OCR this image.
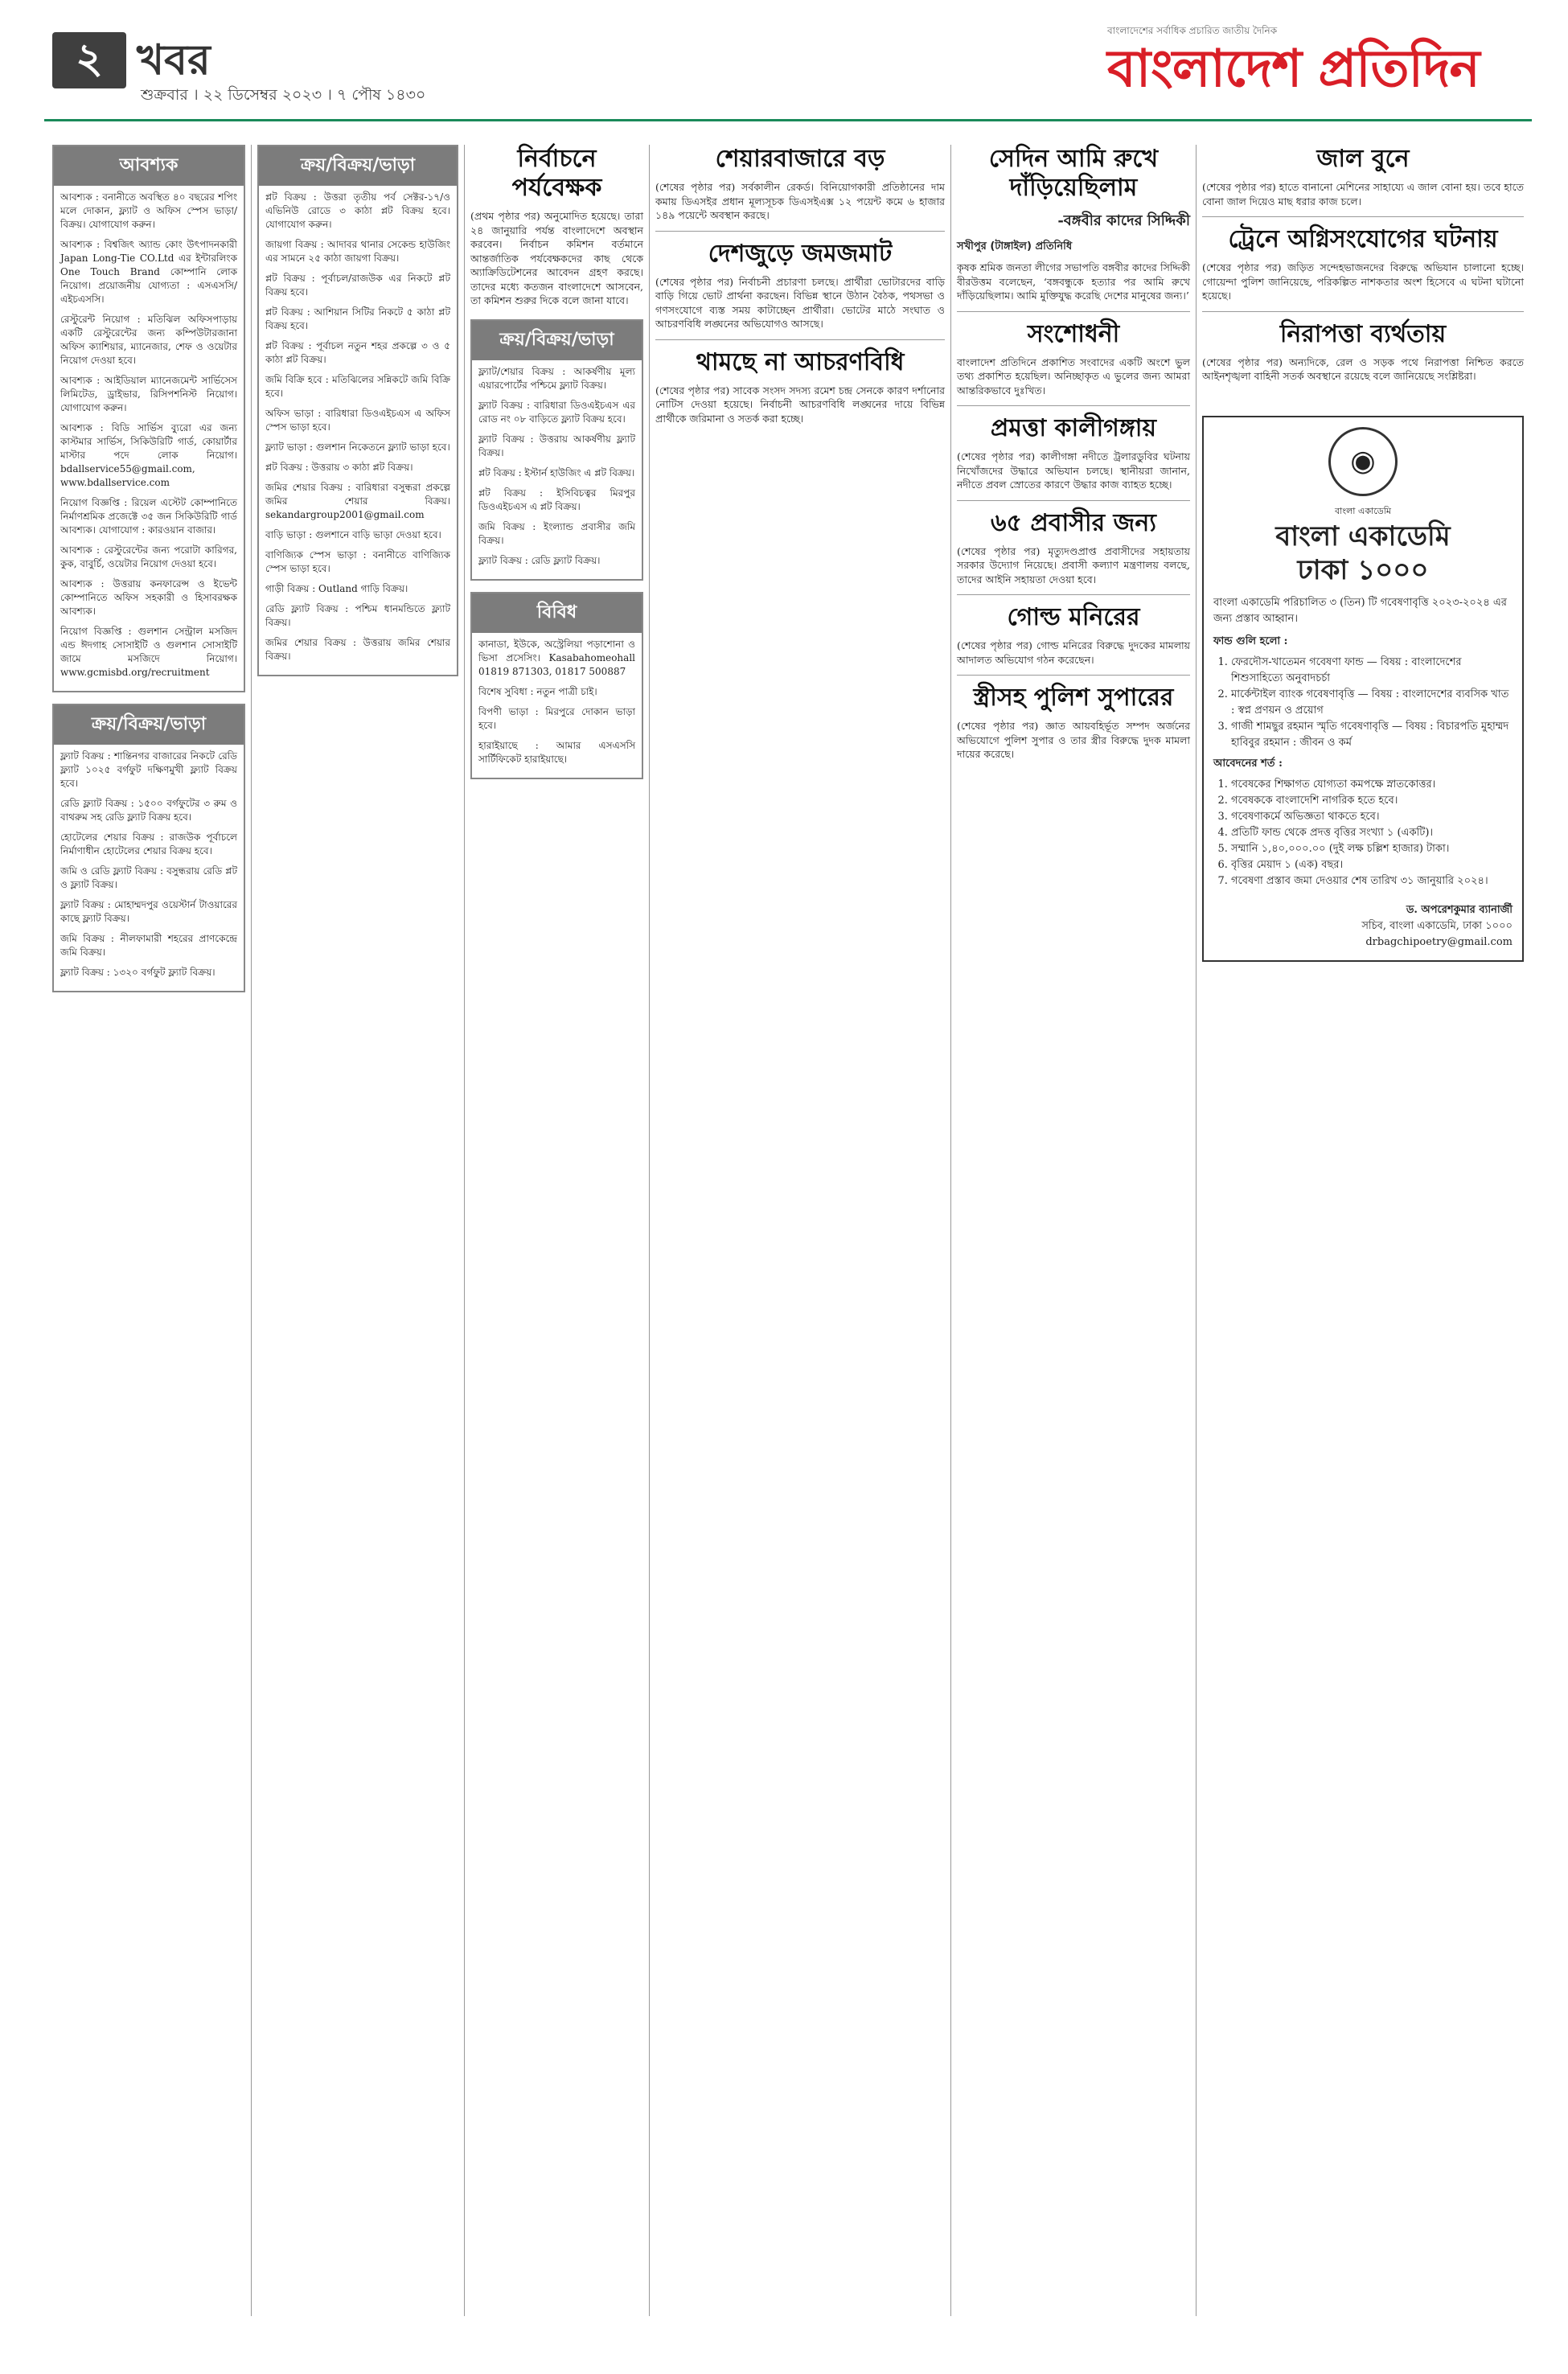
২ খবর
শুক্রবার । ২২ ডিসেম্বর ২০২৩ । ৭ পৌষ ১৪৩০
বাংলাদেশের সর্বাধিক প্রচারিত জাতীয় দৈনিক
বাংলাদেশ প্রতিদিন
আবশ্যক

আবশ্যক : বনানীতে অবস্থিত ৪০ বছরের শপিং মলে দোকান, ফ্ল্যাট ও অফিস স্পেস ভাড়া/বিক্রয়। যোগাযোগ করুন।

আবশ্যক : বিশ্বজিৎ অ্যান্ড কোং উৎপাদনকারী Japan Long-Tie CO.Ltd এর ইন্টারলিংক One Touch Brand কোম্পানি লোক নিয়োগ। প্রয়োজনীয় যোগ্যতা : এসএসসি/এইচএসসি।

রেস্টুরেন্ট নিয়োগ : মতিঝিল অফিসপাড়ায় একটি রেস্টুরেন্টের জন্য কম্পিউটারজানা অফিস ক্যাশিয়ার, ম্যানেজার, শেফ ও ওয়েটার নিয়োগ দেওয়া হবে।

আবশ্যক : আইডিয়াল ম্যানেজমেন্ট সার্ভিসেস লিমিটেড, ড্রাইভার, রিসিপশনিস্ট নিয়োগ। যোগাযোগ করুন।

আবশ্যক : বিডি সার্ভিস ব্যুরো এর জন্য কাস্টমার সার্ভিস, সিকিউরিটি গার্ড, কোয়ার্টার মাস্টার পদে লোক নিয়োগ। bdallservice55@gmail.com, www.bdallservice.com

নিয়োগ বিজ্ঞপ্তি : রিয়েল এস্টেট কোম্পানিতে নির্মাণশ্রমিক প্রজেক্টে ৩৫ জন সিকিউরিটি গার্ড আবশ্যক। যোগাযোগ : কারওয়ান বাজার।

আবশ্যক : রেস্টুরেন্টের জন্য পরোটা কারিগর, কুক, বাবুর্চি, ওয়েটার নিয়োগ দেওয়া হবে।

আবশ্যক : উত্তরায় কনফারেন্স ও ইভেন্ট কোম্পানিতে অফিস সহকারী ও হিসাবরক্ষক আবশ্যক।

নিয়োগ বিজ্ঞপ্তি : গুলশান সেন্ট্রাল মসজিদ এন্ড ঈদগাহ সোসাইটি ও গুলশান সোসাইটি জামে মসজিদে নিয়োগ। www.gcmisbd.org/recruitment

ক্রয়/বিক্রয়/ভাড়া

ফ্ল্যাট বিক্রয় : শান্তিনগর বাজারের নিকটে রেডি ফ্ল্যাট ১০২৫ বর্গফুট দক্ষিণমুখী ফ্ল্যাট বিক্রয় হবে।

রেডি ফ্ল্যাট বিক্রয় : ১৫০০ বর্গফুটের ৩ রুম ও বাথরুম সহ রেডি ফ্ল্যাট বিক্রয় হবে।

হোটেলের শেয়ার বিক্রয় : রাজউক পূর্বাচলে নির্মাণাধীন হোটেলের শেয়ার বিক্রয় হবে।

জমি ও রেডি ফ্ল্যাট বিক্রয় : বসুন্ধরায় রেডি প্লট ও ফ্ল্যাট বিক্রয়।

ফ্ল্যাট বিক্রয় : মোহাম্মদপুর ওয়েস্টার্ন টাওয়ারের কাছে ফ্ল্যাট বিক্রয়।

জমি বিক্রয় : নীলফামারী শহরের প্রাণকেন্দ্রে জমি বিক্রয়।

ফ্ল্যাট বিক্রয় : ১৩২০ বর্গফুট ফ্ল্যাট বিক্রয়।

ক্রয়/বিক্রয়/ভাড়া

প্লট বিক্রয় : উত্তরা তৃতীয় পর্ব সেক্টর-১৭/ও এভিনিউ রোডে ৩ কাঠা প্লট বিক্রয় হবে। যোগাযোগ করুন।

জায়গা বিক্রয় : আদাবর থানার সেকেন্ড হাউজিং এর সামনে ২৫ কাঠা জায়গা বিক্রয়।

প্লট বিক্রয় : পূর্বাচল/রাজউক এর নিকটে প্লট বিক্রয় হবে।

প্লট বিক্রয় : আশিয়ান সিটির নিকটে ৫ কাঠা প্লট বিক্রয় হবে।

প্লট বিক্রয় : পূর্বাচল নতুন শহর প্রকল্পে ৩ ও ৫ কাঠা প্লট বিক্রয়।

জমি বিক্রি হবে : মতিঝিলের সন্নিকটে জমি বিক্রি হবে।

অফিস ভাড়া : বারিধারা ডিওএইচএস এ অফিস স্পেস ভাড়া হবে।

ফ্ল্যাট ভাড়া : গুলশান নিকেতনে ফ্ল্যাট ভাড়া হবে।

প্লট বিক্রয় : উত্তরায় ৩ কাঠা প্লট বিক্রয়।

জমির শেয়ার বিক্রয় : বারিধারা বসুন্ধরা প্রকল্পে জমির শেয়ার বিক্রয়। sekandargroup2001@gmail.com

বাড়ি ভাড়া : গুলশানে বাড়ি ভাড়া দেওয়া হবে।

বাণিজ্যিক স্পেস ভাড়া : বনানীতে বাণিজ্যিক স্পেস ভাড়া হবে।

গাড়ী বিক্রয় : Outland গাড়ি বিক্রয়।

রেডি ফ্ল্যাট বিক্রয় : পশ্চিম ধানমন্ডিতে ফ্ল্যাট বিক্রয়।

জমির শেয়ার বিক্রয় : উত্তরায় জমির শেয়ার বিক্রয়।

নির্বাচনে পর্যবেক্ষক
(প্রথম পৃষ্ঠার পর) অনুমোদিত হয়েছে। তারা ২৪ জানুয়ারি পর্যন্ত বাংলাদেশে অবস্থান করবেন। নির্বাচন কমিশন বর্তমানে আন্তর্জাতিক পর্যবেক্ষকদের কাছ থেকে অ্যাক্রিডিটেশনের আবেদন গ্রহণ করছে। তাদের মধ্যে কতজন বাংলাদেশে আসবেন, তা কমিশন শুরুর দিকে বলে জানা যাবে।
ক্রয়/বিক্রয়/ভাড়া

ফ্ল্যাট/শেয়ার বিক্রয় : আকর্ষণীয় মূল্য এয়ারপোর্টের পশ্চিমে ফ্ল্যাট বিক্রয়।

ফ্ল্যাট বিক্রয় : বারিধারা ডিওএইচএস এর রোড নং ০৮ বাড়িতে ফ্ল্যাট বিক্রয় হবে।

ফ্ল্যাট বিক্রয় : উত্তরায় আকর্ষণীয় ফ্ল্যাট বিক্রয়।

প্লট বিক্রয় : ইস্টার্ন হাউজিং এ প্লট বিক্রয়।

প্লট বিক্রয় : ইসিবিচত্বর মিরপুর ডিওএইচএস এ প্লট বিক্রয়।

জমি বিক্রয় : ইংল্যান্ড প্রবাসীর জমি বিক্রয়।

ফ্ল্যাট বিক্রয় : রেডি ফ্ল্যাট বিক্রয়।

বিবিধ

কানাডা, ইউকে, অস্ট্রেলিয়া পড়াশোনা ও ভিসা প্রসেসিং। Kasabahomeohall 01819 871303, 01817 500887

বিশেষ সুবিধা : নতুন পাত্রী চাই।

বিপণী ভাড়া : মিরপুরে দোকান ভাড়া হবে।

হারাইয়াছে : আমার এসএসসি সার্টিফিকেট হারাইয়াছে।

শেয়ারবাজারে বড়
(শেষের পৃষ্ঠার পর) সর্বকালীন রেকর্ড। বিনিয়োগকারী প্রতিষ্ঠানের দাম কমায় ডিএসইর প্রধান মূল্যসূচক ডিএসইএক্স ১২ পয়েন্ট কমে ৬ হাজার ১৪৯ পয়েন্টে অবস্থান করছে।
দেশজুড়ে জমজমাট
(শেষের পৃষ্ঠার পর) নির্বাচনী প্রচারণা চলছে। প্রার্থীরা ভোটারদের বাড়ি বাড়ি গিয়ে ভোট প্রার্থনা করছেন। বিভিন্ন স্থানে উঠান বৈঠক, পথসভা ও গণসংযোগে ব্যস্ত সময় কাটাচ্ছেন প্রার্থীরা। ভোটের মাঠে সংঘাত ও আচরণবিধি লঙ্ঘনের অভিযোগও আসছে।
থামছে না আচরণবিধি
(শেষের পৃষ্ঠার পর) সাবেক সংসদ সদস্য রমেশ চন্দ্র সেনকে কারণ দর্শানোর নোটিস দেওয়া হয়েছে। নির্বাচনী আচরণবিধি লঙ্ঘনের দায়ে বিভিন্ন প্রার্থীকে জরিমানা ও সতর্ক করা হচ্ছে।
সেদিন আমি রুখে দাঁড়িয়েছিলাম
-বঙ্গবীর কাদের সিদ্দিকী
সখীপুর (টাঙ্গাইল) প্রতিনিধি
কৃষক শ্রমিক জনতা লীগের সভাপতি বঙ্গবীর কাদের সিদ্দিকী বীরউত্তম বলেছেন, ‘বঙ্গবন্ধুকে হত্যার পর আমি রুখে দাঁড়িয়েছিলাম। আমি মুক্তিযুদ্ধ করেছি দেশের মানুষের জন্য।’
সংশোধনী
বাংলাদেশ প্রতিদিনে প্রকাশিত সংবাদের একটি অংশে ভুল তথ্য প্রকাশিত হয়েছিল। অনিচ্ছাকৃত এ ভুলের জন্য আমরা আন্তরিকভাবে দুঃখিত।
প্রমত্তা কালীগঙ্গায়
(শেষের পৃষ্ঠার পর) কালীগঙ্গা নদীতে ট্রলারডুবির ঘটনায় নিখোঁজদের উদ্ধারে অভিযান চলছে। স্থানীয়রা জানান, নদীতে প্রবল স্রোতের কারণে উদ্ধার কাজ ব্যাহত হচ্ছে।
৬৫ প্রবাসীর জন্য
(শেষের পৃষ্ঠার পর) মৃত্যুদণ্ডপ্রাপ্ত প্রবাসীদের সহায়তায় সরকার উদ্যোগ নিয়েছে। প্রবাসী কল্যাণ মন্ত্রণালয় বলছে, তাদের আইনি সহায়তা দেওয়া হবে।
গোল্ড মনিরের
(শেষের পৃষ্ঠার পর) গোল্ড মনিরের বিরুদ্ধে দুদকের মামলায় আদালত অভিযোগ গঠন করেছেন।
স্ত্রীসহ পুলিশ সুপারের
(শেষের পৃষ্ঠার পর) জ্ঞাত আয়বহির্ভূত সম্পদ অর্জনের অভিযোগে পুলিশ সুপার ও তার স্ত্রীর বিরুদ্ধে দুদক মামলা দায়ের করেছে।
জাল বুনে
(শেষের পৃষ্ঠার পর) হাতে বানানো মেশিনের সাহায্যে এ জাল বোনা হয়। তবে হাতে বোনা জাল দিয়েও মাছ ধরার কাজ চলে।
ট্রেনে অগ্নিসংযোগের ঘটনায়
(শেষের পৃষ্ঠার পর) জড়িত সন্দেহভাজনদের বিরুদ্ধে অভিযান চালানো হচ্ছে। গোয়েন্দা পুলিশ জানিয়েছে, পরিকল্পিত নাশকতার অংশ হিসেবে এ ঘটনা ঘটানো হয়েছে।
নিরাপত্তা ব্যর্থতায়
(শেষের পৃষ্ঠার পর) অন্যদিকে, রেল ও সড়ক পথে নিরাপত্তা নিশ্চিত করতে আইনশৃঙ্খলা বাহিনী সতর্ক অবস্থানে রয়েছে বলে জানিয়েছে সংশ্লিষ্টরা।
◉
বাংলা একাডেমি
বাংলা একাডেমি
ঢাকা ১০০০
বাংলা একাডেমি পরিচালিত ৩ (তিন) টি গবেষণাবৃত্তি ২০২৩-২০২৪ এর জন্য প্রস্তাব আহ্বান।
ফান্ড গুলি হলো :
1. ফেরদৌস-খাতেমন গবেষণা ফান্ড — বিষয় : বাংলাদেশের শিশুসাহিত্যে অনুবাদচর্চা
2. মার্কেন্টাইল ব্যাংক গবেষণাবৃত্তি — বিষয় : বাংলাদেশের ব্যবসিক খাত : স্বপ্ন প্রণয়ন ও প্রয়োগ
3. গাজী শামছুর রহমান স্মৃতি গবেষণাবৃত্তি — বিষয় : বিচারপতি মুহাম্মদ হাবিবুর রহমান : জীবন ও কর্ম
আবেদনের শর্ত :
1. গবেষকের শিক্ষাগত যোগ্যতা কমপক্ষে স্নাতকোত্তর।
2. গবেষককে বাংলাদেশি নাগরিক হতে হবে।
3. গবেষণাকর্মে অভিজ্ঞতা থাকতে হবে।
4. প্রতিটি ফান্ড থেকে প্রদত্ত বৃত্তির সংখ্যা ১ (একটি)।
5. সম্মানি ১,৪০,০০০.০০ (দুই লক্ষ চল্লিশ হাজার) টাকা।
6. বৃত্তির মেয়াদ ১ (এক) বছর।
7. গবেষণা প্রস্তাব জমা দেওয়ার শেষ তারিখ ৩১ জানুয়ারি ২০২৪।
ড. অপরেশকুমার ব্যানার্জী
সচিব, বাংলা একাডেমি, ঢাকা ১০০০
drbagchipoetry@gmail.com
